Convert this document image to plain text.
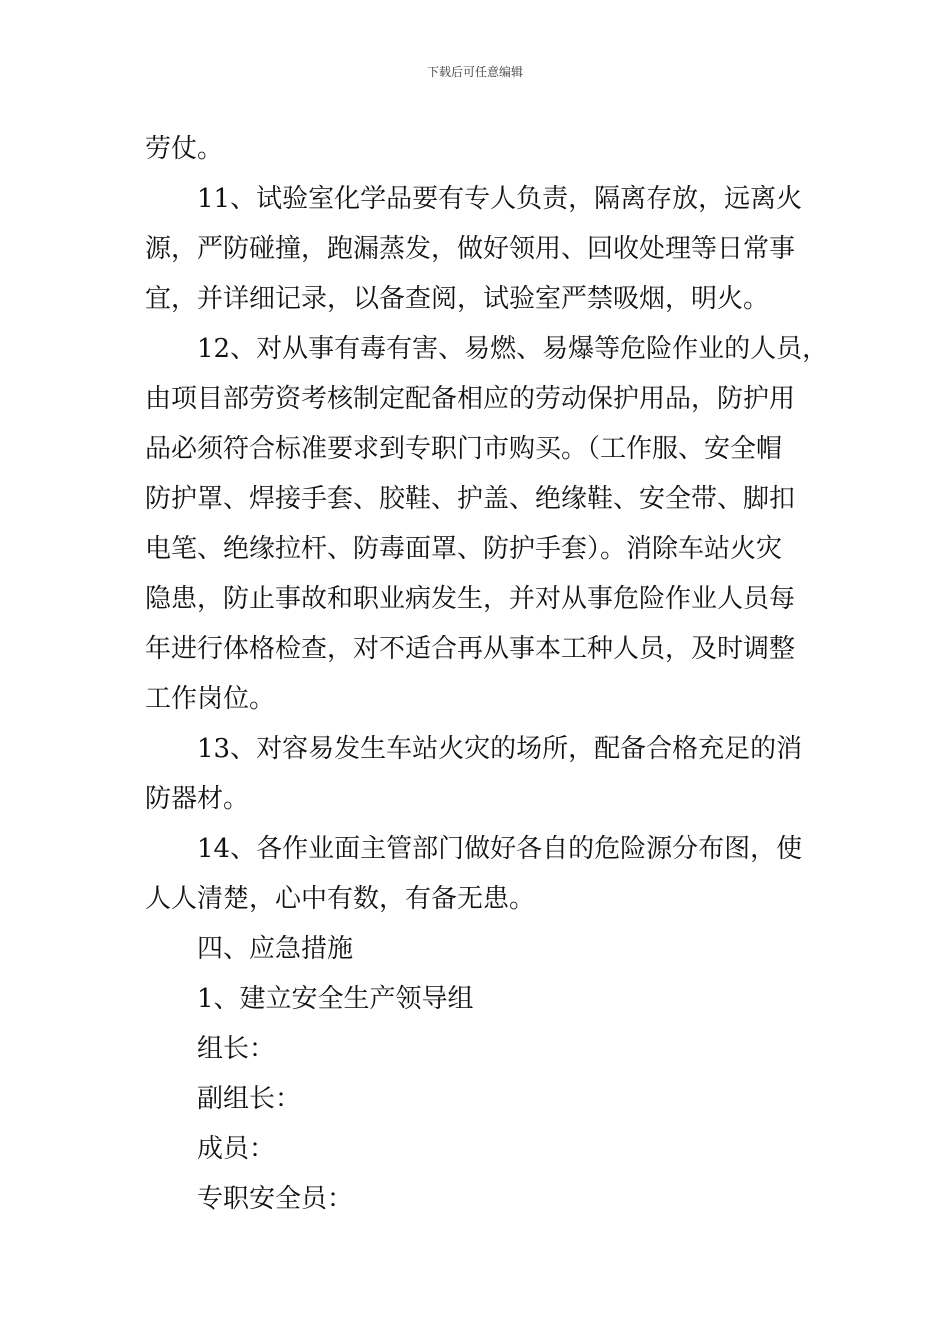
下载后可任意编辑
劳仗。
11、试验室化学品要有专人负责，隔离存放，远离火
源，严防碰撞，跑漏蒸发，做好领用、回收处理等日常事
宜，并详细记录，以备查阅，试验室严禁吸烟，明火。
12、对从事有毒有害、易燃、易爆等危险作业的人员，
由项目部劳资考核制定配备相应的劳动保护用品，防护用
品必须符合标准要求到专职门市购买。（工作服、安全帽
防护罩、焊接手套、胶鞋、护盖、绝缘鞋、安全带、脚扣
电笔、绝缘拉杆、防毒面罩、防护手套）。消除车站火灾
隐患，防止事故和职业病发生，并对从事危险作业人员每
年进行体格检查，对不适合再从事本工种人员，及时调整
工作岗位。
13、对容易发生车站火灾的场所，配备合格充足的消
防器材。
14、各作业面主管部门做好各自的危险源分布图，使
人人清楚，心中有数，有备无患。
四、应急措施
1、建立安全生产领导组
组长：
副组长：
成员：
专职安全员：
